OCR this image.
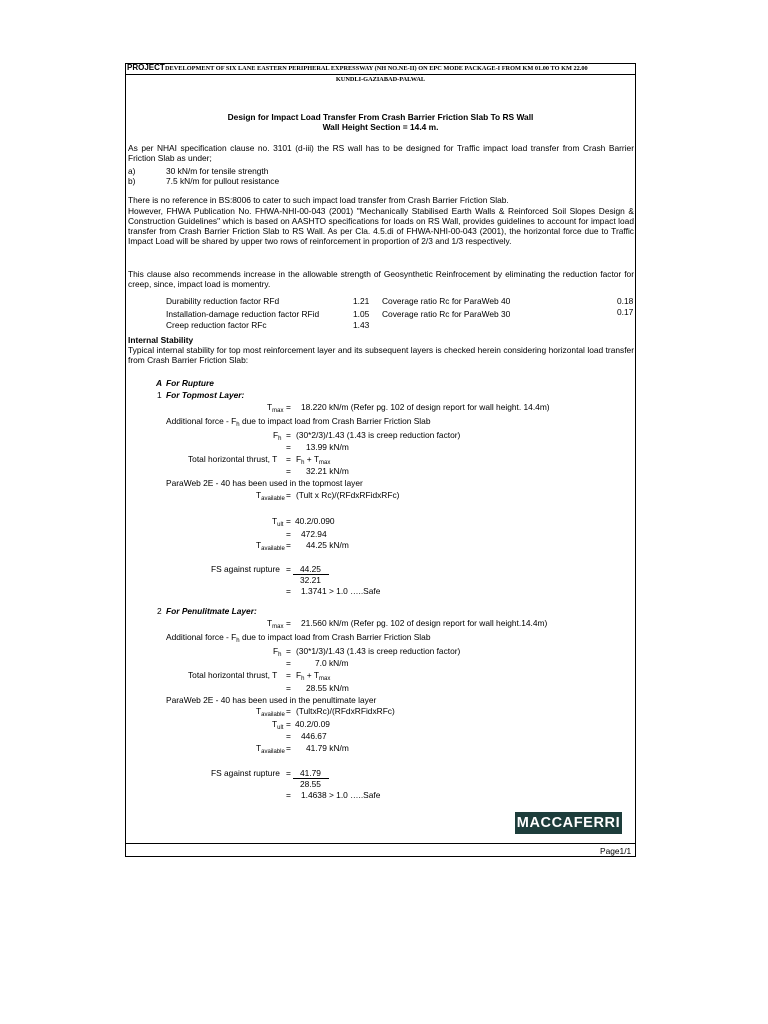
PROJECT DEVELOPMENT OF SIX LANE EASTERN PERIPHERAL EXPRESSWAY (NH NO.NE-II) ON EPC MODE PACKAGE-I FROM KM 01.00 TO KM 22.00
KUNDLI-GAZIABAD-PALWAL
Design for Impact Load Transfer From Crash Barrier Friction Slab To RS Wall
Wall Height Section = 14.4 m.
As per NHAI specification clause no. 3101 (d-iii) the RS wall has to be designed for Traffic impact load transfer from Crash Barrier Friction Slab as under;
a)	30 kN/m for tensile strength
b)	7.5 kN/m for pullout resistance
There is no reference in BS:8006 to cater to such impact load transfer from Crash Barrier Friction Slab.
However, FHWA Publication No. FHWA-NHI-00-043 (2001) "Mechanically Stabilised Earth Walls & Reinforced Soil Slopes Design & Construction Guidelines" which is based on AASHTO specifications for loads on RS Wall, provides guidelines to account for impact load transfer from Crash Barrier Friction Slab to RS Wall. As per Cla. 4.5.di of FHWA-NHI-00-043 (2001), the horizontal force due to Traffic Impact Load will be shared by upper two rows of reinforcement in proportion of 2/3 and 1/3 respectively.
This clause also recommends increase in the allowable strength of Geosynthetic Reinfrocement by eliminating the reduction factor for creep, since, impact load is momentry.
Durability reduction factor RFd	1.21 Coverage ratio Rc for ParaWeb 40	0.18
Installation-damage reduction factor RFid	1.05 Coverage ratio Rc for ParaWeb 30	0.17
Creep reduction factor RFc	1.43
Internal Stability
Typical internal stability for top most reinforcement layer and its subsequent layers is checked herein considering horizontal load transfer from Crash Barrier Friction Slab:
A For Rupture
1 For Topmost Layer:
$T_{max} = 18.220$ kN/m (Refer pg. 102 of design report for wall height. 14.4m)
Additional force - $F_h$ due to impact load from Crash Barrier Friction Slab
$F_h = (30*2/3)/1.43$ (1.43 is creep reduction factor)
= 13.99 kN/m
Total horizontal thrust, $T = F_h + T_{max}$
= 32.21 kN/m
ParaWeb 2E - 40 has been used in the topmost layer
$T_{available}$ = (Tult x Rc)/(RFdxRFidxRFc)
$T_{ult} = 40.2/0.090$
= 472.94
$T_{available} = 44.25$ kN/m
FS against rupture = 44.25
32.21
= 1.3741 > 1.0 …..Safe
2 For Penulitmate Layer:
$T_{max} = 21.560$ kN/m (Refer pg. 102 of design report for wall height.14.4m)
Additional force - $F_h$ due to impact load from Crash Barrier Friction Slab
$F_h = (30*1/3)/1.43$ (1.43 is creep reduction factor)
=	7.0 kN/m
Total horizontal thrust, $T = F_h + T_{max}$
= 28.55 kN/m
ParaWeb 2E - 40 has been used in the penultimate layer
$T_{available}$ = (TultxRc)/(RFdxRFidxRFc)
$T_{ult} = 40.2/0.09$
= 446.67
$T_{available} = 41.79$ kN/m
FS against rupture = 41.79
28.55
= 1.4638 > 1.0 …..Safe
MACCAFERRI
Page1/1
